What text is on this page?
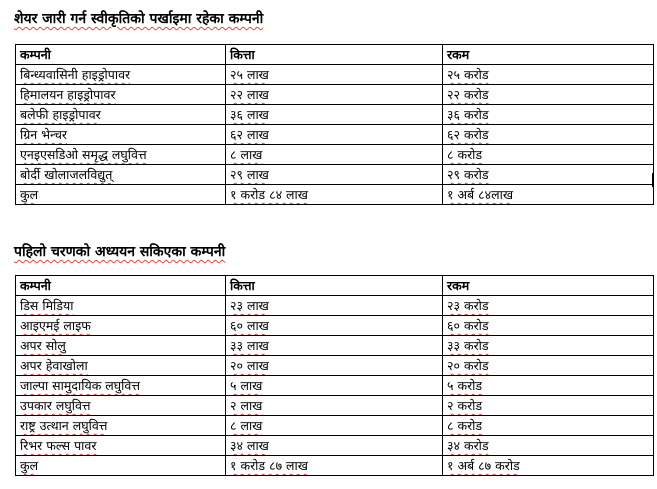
शेयर जारी गर्न स्वीकृतिको पर्खाइमा रहेका कम्पनी
कम्पनी	कित्ता	रकम
बिन्ध्यवासिनी हाइड्रोपावर	२५ लाख	२५ करोड
हिमालयन हाइड्रोपावर	२२ लाख	२२ करोड
बलेफी हाइड्रोपावर	३६ लाख	३६ करोड
ग्रिन भेन्चर	६२ लाख	६२ करोड
एनइएसडिओ समृद्ध लघुवित्त	८ लाख	८ करोड
बोर्दी खोलाजलविद्युत्	२९ लाख	२९ करोड
कुल	१ करोड ८४ लाख	१ अर्ब ८४लाख
पहिलो चरणको अध्ययन सकिएका कम्पनी
कम्पनी	कित्ता	रकम
डिस मिडिया	२३ लाख	२३ करोड
आइएमई लाइफ	६० लाख	६० करोड
अपर सोलु	३३ लाख	३३ करोड
अपर हेवाखोला	२० लाख	२० करोड
जाल्पा सामुदायिक लघुवित्त	५ लाख	५ करोड
उपकार लघुवित्त	२ लाख	२ करोड
राष्ट्र उत्थान लघुवित्त	८ लाख	८ करोड
रिभर फल्स पावर	३४ लाख	३४ करोड
कुल	१ करोड ८७ लाख	१ अर्ब ८७ करोड
